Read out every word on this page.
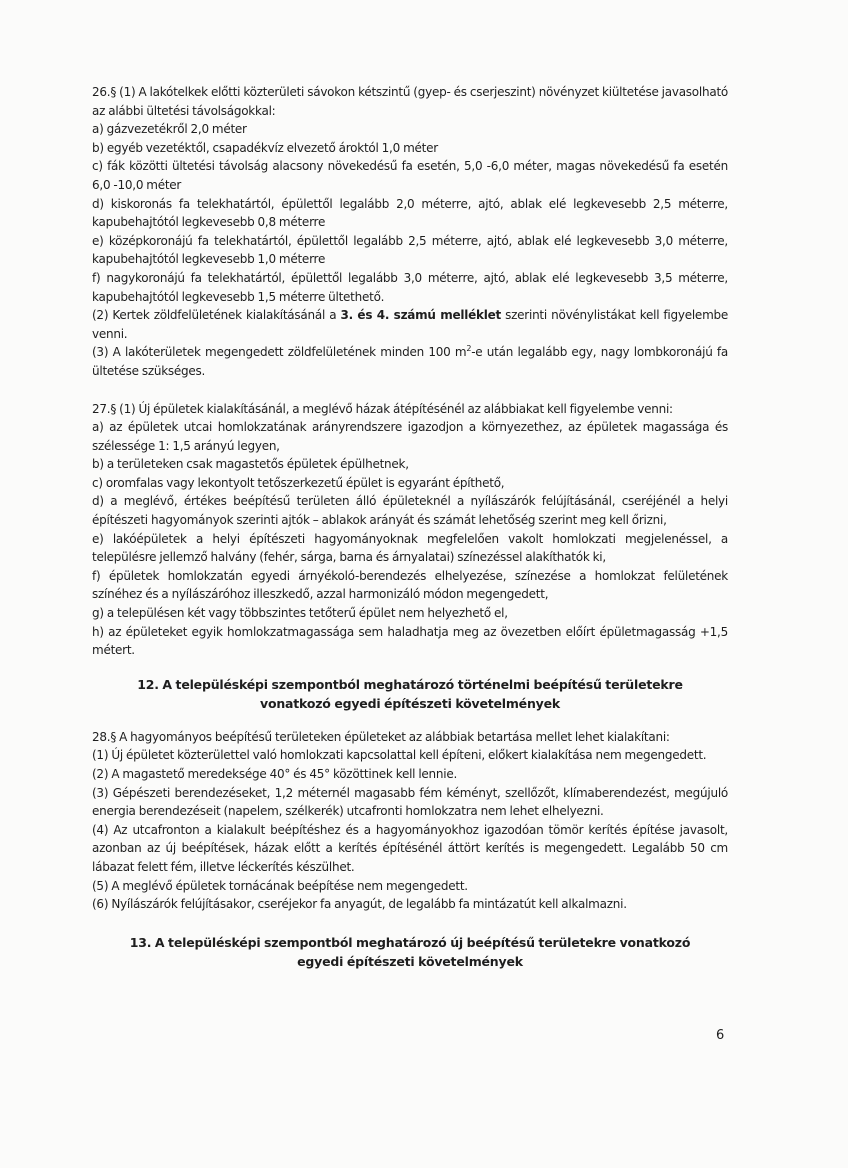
26.§ (1) A lakótelkek előtti közterületi sávokon kétszintű (gyep- és cserjeszint) növényzet kiültetése javasolható az alábbi ültetési távolságokkal:

a) gázvezetékről 2,0 méter

b) egyéb vezetéktől, csapadékvíz elvezető ároktól 1,0 méter

c) fák közötti ültetési távolság alacsony növekedésű fa esetén, 5,0 -6,0 méter, magas növekedésű fa esetén 6,0 -10,0 méter

d) kiskoronás fa telekhatártól, épülettől legalább 2,0 méterre, ajtó, ablak elé legkevesebb 2,5 méterre, kapubehajtótól legkevesebb 0,8 méterre

e) középkoronájú fa telekhatártól, épülettől legalább 2,5 méterre, ajtó, ablak elé legkevesebb 3,0 méterre, kapubehajtótól legkevesebb 1,0 méterre

f) nagykoronájú fa telekhatártól, épülettől legalább 3,0 méterre, ajtó, ablak elé legkevesebb 3,5 méterre, kapubehajtótól legkevesebb 1,5 méterre ültethető.

(2) Kertek zöldfelületének kialakításánál a 3. és 4. számú melléklet szerinti növénylistákat kell figyelembe venni.

(3) A lakóterületek megengedett zöldfelületének minden 100 $m^2-e$ után legalább egy, nagy lombkoronájú fa ültetése szükséges.

27.§ (1) Új épületek kialakításánál, a meglévő házak átépítésénél az alábbiakat kell figyelembe venni:

a) az épületek utcai homlokzatának arányrendszere igazodjon a környezethez, az épületek magassága és szélessége 1: 1,5 arányú legyen,

b) a területeken csak magastetős épületek épülhetnek,

c) oromfalas vagy lekontyolt tetőszerkezetű épület is egyaránt építhető,

d) a meglévő, értékes beépítésű területen álló épületeknél a nyílászárók felújításánál, cseréjénél a helyi építészeti hagyományok szerinti ajtók – ablakok arányát és számát lehetőség szerint meg kell őrizni,

e) lakóépületek a helyi építészeti hagyományoknak megfelelően vakolt homlokzati megjelenéssel, a településre jellemző halvány (fehér, sárga, barna és árnyalatai) színezéssel alakíthatók ki,

f) épületek homlokzatán egyedi árnyékoló-berendezés elhelyezése, színezése a homlokzat felületének színéhez és a nyílászáróhoz illeszkedő, azzal harmonizáló módon megengedett,

g) a településen két vagy többszintes tetőterű épület nem helyezhető el,

h) az épületeket egyik homlokzatmagassága sem haladhatja meg az övezetben előírt épületmagasság +1,5 métert.

12. A településképi szempontból meghatározó történelmi beépítésű területekre vonatkozó egyedi építészeti követelmények

28.§ A hagyományos beépítésű területeken épületeket az alábbiak betartása mellet lehet kialakítani:

(1) Új épületet közterülettel való homlokzati kapcsolattal kell építeni, előkert kialakítása nem megengedett.

(2) A magastető meredeksége 40° és 45° közöttinek kell lennie.

(3) Gépészeti berendezéseket, 1,2 méternél magasabb fém kéményt, szellőzőt, klímaberendezést, megújuló energia berendezéseit (napelem, szélkerék) utcafronti homlokzatra nem lehet elhelyezni.

(4) Az utcafronton a kialakult beépítéshez és a hagyományokhoz igazodóan tömör kerítés építése javasolt, azonban az új beépítések, házak előtt a kerítés építésénél áttört kerítés is megengedett. Legalább 50 cm lábazat felett fém, illetve léckerítés készülhet.

(5) A meglévő épületek tornácának beépítése nem megengedett.

(6) Nyílászárók felújításakor, cseréjekor fa anyagút, de legalább fa mintázatút kell alkalmazni.

13. A településképi szempontból meghatározó új beépítésű területekre vonatkozó egyedi építészeti követelmények
6
